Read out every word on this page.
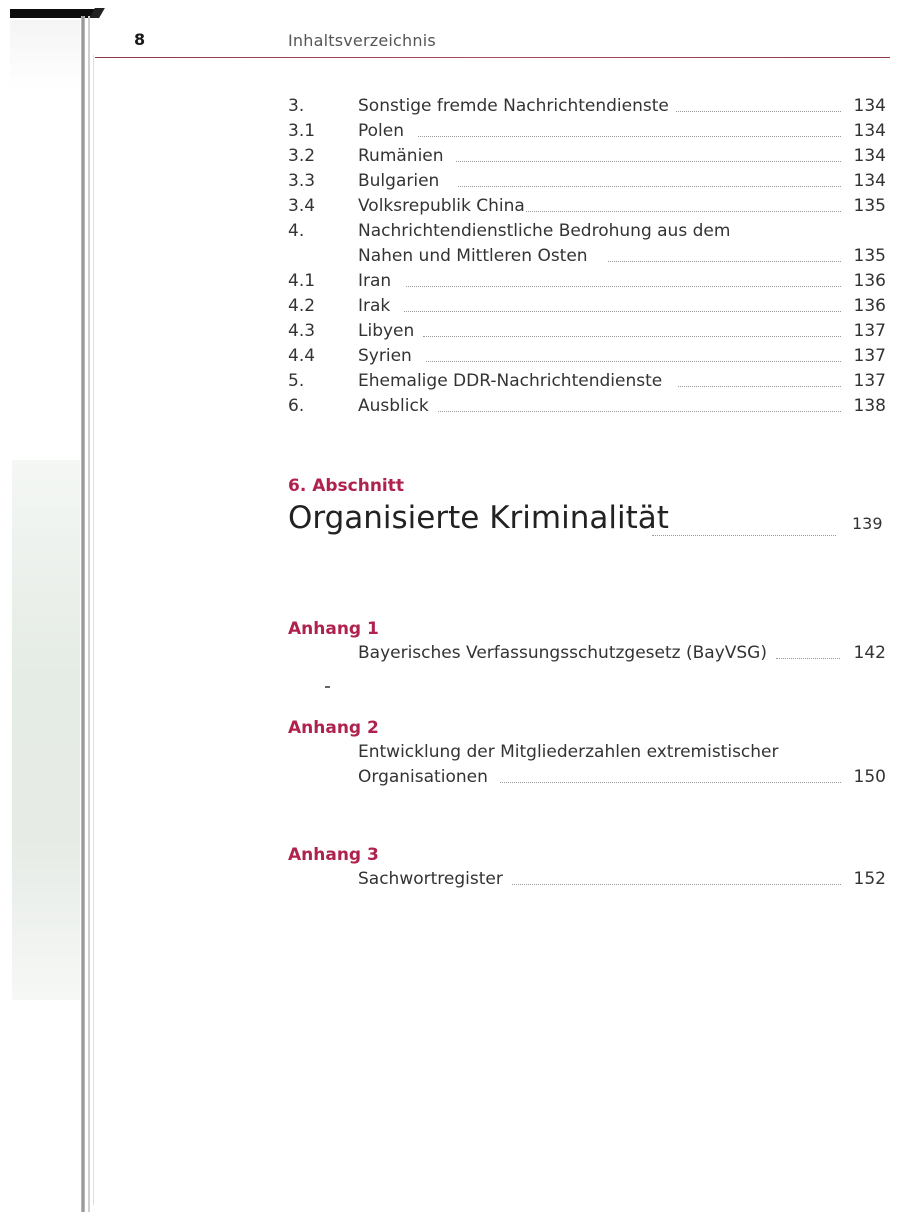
8	Inhaltsverzeichnis
3.	Sonstige fremde Nachrichtendienste	134
3.1	Polen	134
3.2	Rumänien	134
3.3	Bulgarien	134
3.4	Volksrepublik China	135
4.	Nachrichtendienstliche Bedrohung aus dem
Nahen und Mittleren Osten	135
4.1	Iran	136
4.2	Irak	136
4.3	Libyen	137
4.4	Syrien	137
5.	Ehemalige DDR-Nachrichtendienste	137
6.	Ausblick	138
6. Abschnitt
Organisierte Kriminalität	139
Anhang 1
Bayerisches Verfassungsschutzgesetz (BayVSG)	142
Anhang 2
Entwicklung der Mitgliederzahlen extremistischer
Organisationen	150
Anhang 3
Sachwortregister	152
